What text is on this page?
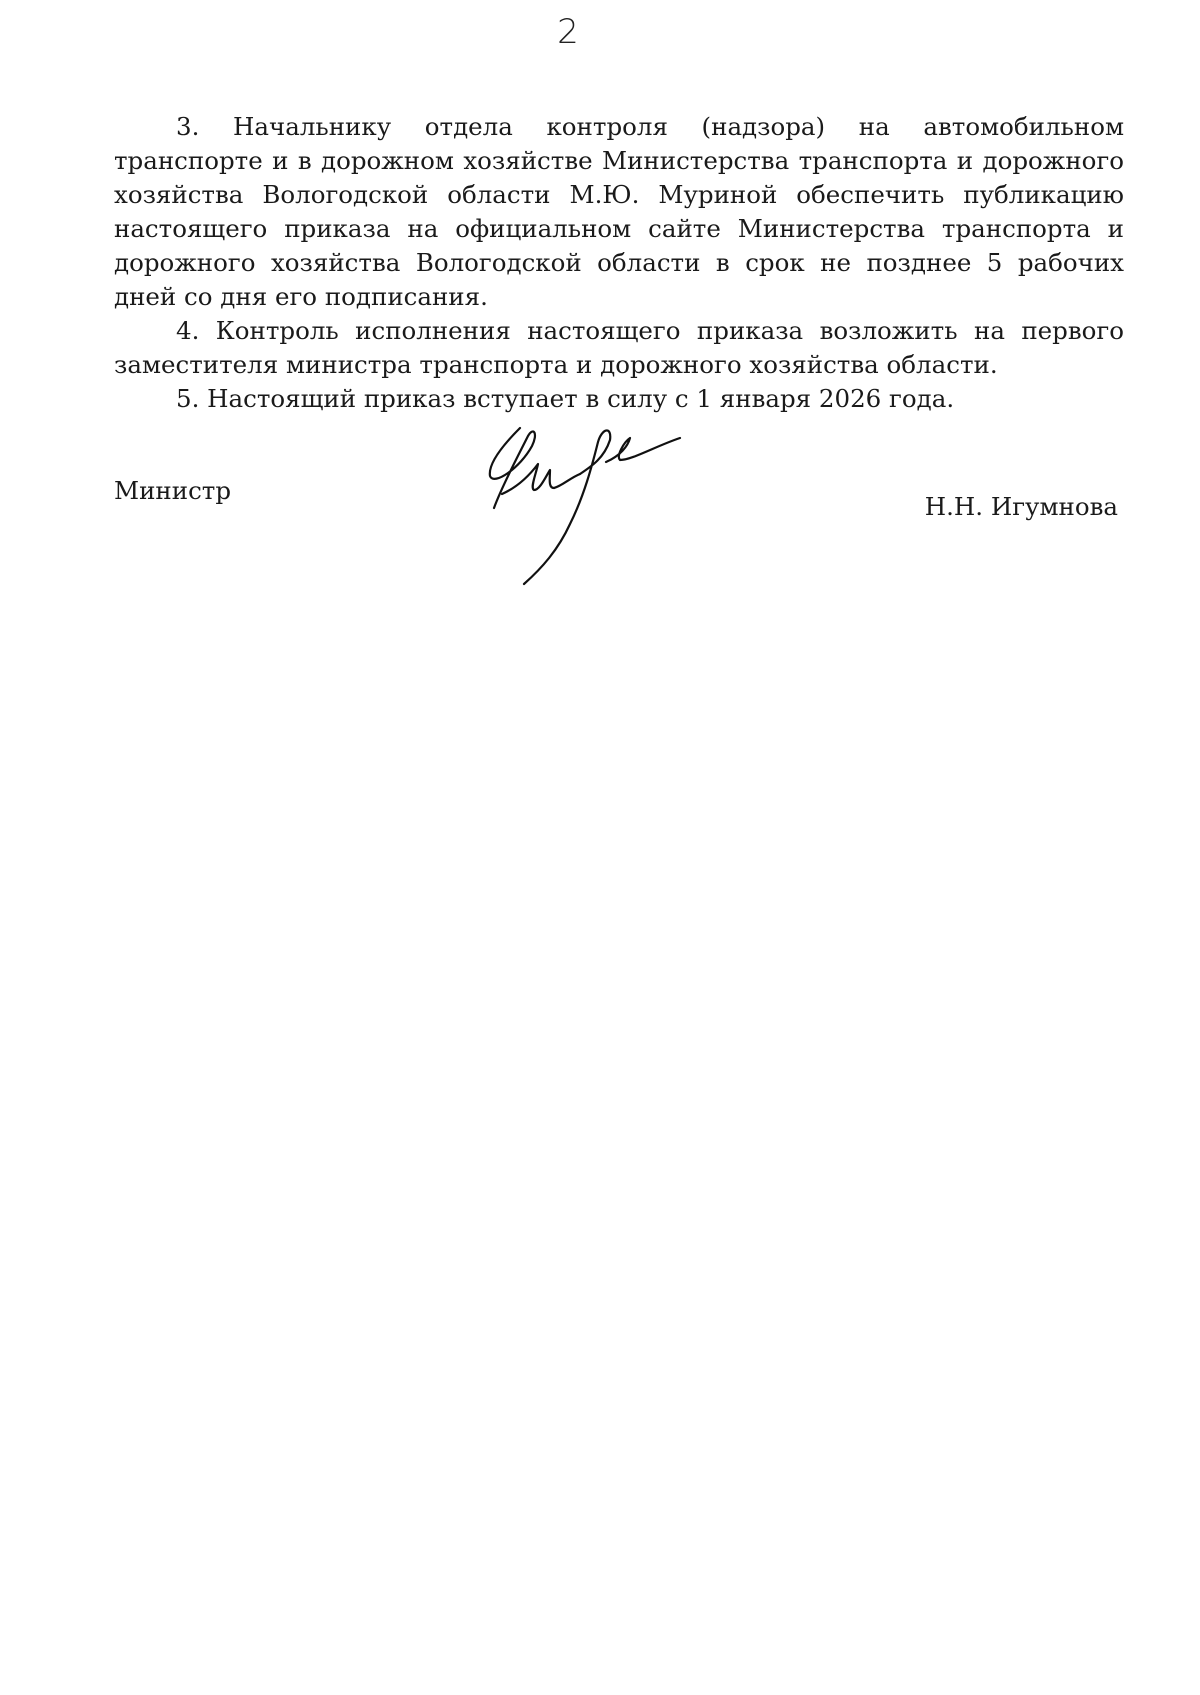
2

3. Начальнику отдела контроля (надзора) на автомобильном транспорте и в дорожном хозяйстве Министерства транспорта и дорожного хозяйства Вологодской области М.Ю. Муриной обеспечить публикацию настоящего приказа на официальном сайте Министерства транспорта и дорожного хозяйства Вологодской области в срок не позднее 5 рабочих дней со дня его подписания.

4. Контроль исполнения настоящего приказа возложить на первого заместителя министра транспорта и дорожного хозяйства области.

5. Настоящий приказ вступает в силу с 1 января 2026 года.

Министр
Н.Н. Игумнова
